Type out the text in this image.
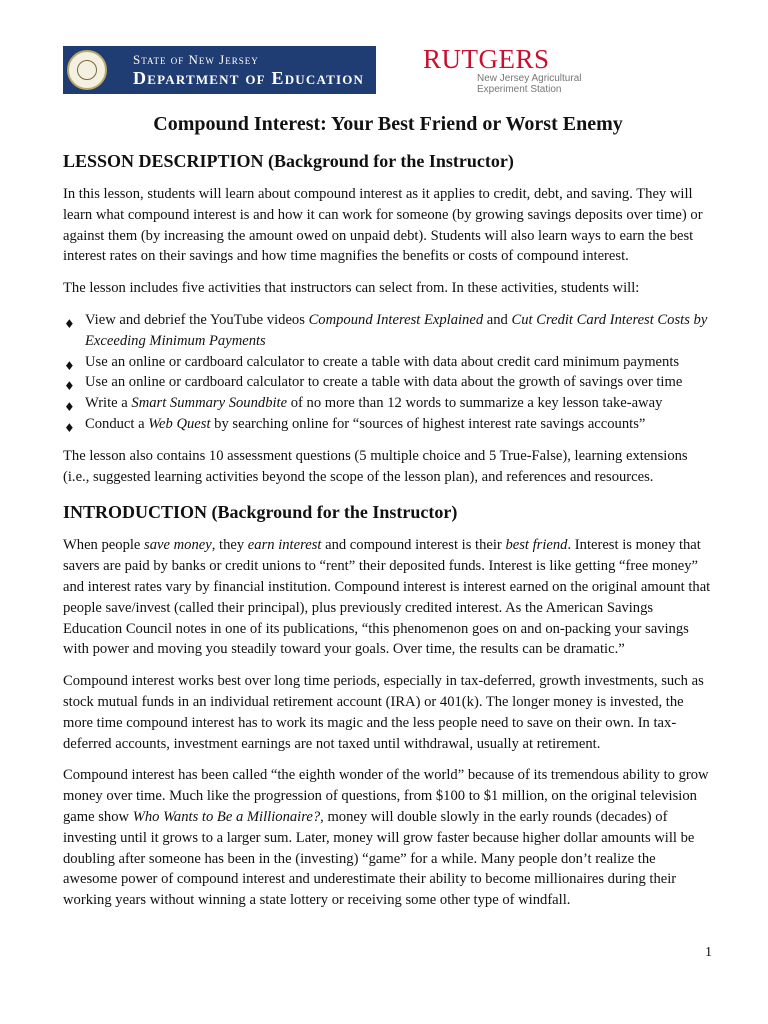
State of New Jersey
Department of Education
RUTGERS
New Jersey Agricultural
Experiment Station
Compound Interest: Your Best Friend or Worst Enemy
LESSON DESCRIPTION (Background for the Instructor)

In this lesson, students will learn about compound interest as it applies to credit, debt, and saving. They will learn what compound interest is and how it can work for someone (by growing savings deposits over time) or against them (by increasing the amount owed on unpaid debt). Students will also learn ways to earn the best interest rates on their savings and how time magnifies the benefits or costs of compound interest.

The lesson includes five activities that instructors can select from. In these activities, students will:

♦ View and debrief the YouTube videos Compound Interest Explained and Cut Credit Card Interest Costs by Exceeding Minimum Payments
♦ Use an online or cardboard calculator to create a table with data about credit card minimum payments
♦ Use an online or cardboard calculator to create a table with data about the growth of savings over time
♦ Write a Smart Summary Soundbite of no more than 12 words to summarize a key lesson take-away
♦ Conduct a Web Quest by searching online for “sources of highest interest rate savings accounts”

The lesson also contains 10 assessment questions (5 multiple choice and 5 True-False), learning extensions (i.e., suggested learning activities beyond the scope of the lesson plan), and references and resources.

INTRODUCTION (Background for the Instructor)

When people save money, they earn interest and compound interest is their best friend. Interest is money that savers are paid by banks or credit unions to “rent” their deposited funds. Interest is like getting “free money” and interest rates vary by financial institution. Compound interest is interest earned on the original amount that people save/invest (called their principal), plus previously credited interest. As the American Savings Education Council notes in one of its publications, “this phenomenon goes on and on-packing your savings with power and moving you steadily toward your goals. Over time, the results can be dramatic.”

Compound interest works best over long time periods, especially in tax-deferred, growth investments, such as stock mutual funds in an individual retirement account (IRA) or 401(k). The longer money is invested, the more time compound interest has to work its magic and the less people need to save on their own. In tax-deferred accounts, investment earnings are not taxed until withdrawal, usually at retirement.

Compound interest has been called “the eighth wonder of the world” because of its tremendous ability to grow money over time. Much like the progression of questions, from $100 to $1 million, on the original television game show Who Wants to Be a Millionaire?, money will double slowly in the early rounds (decades) of investing until it grows to a larger sum. Later, money will grow faster because higher dollar amounts will be doubling after someone has been in the (investing) “game” for a while. Many people don’t realize the awesome power of compound interest and underestimate their ability to become millionaires during their working years without winning a state lottery or receiving some other type of windfall.

1
